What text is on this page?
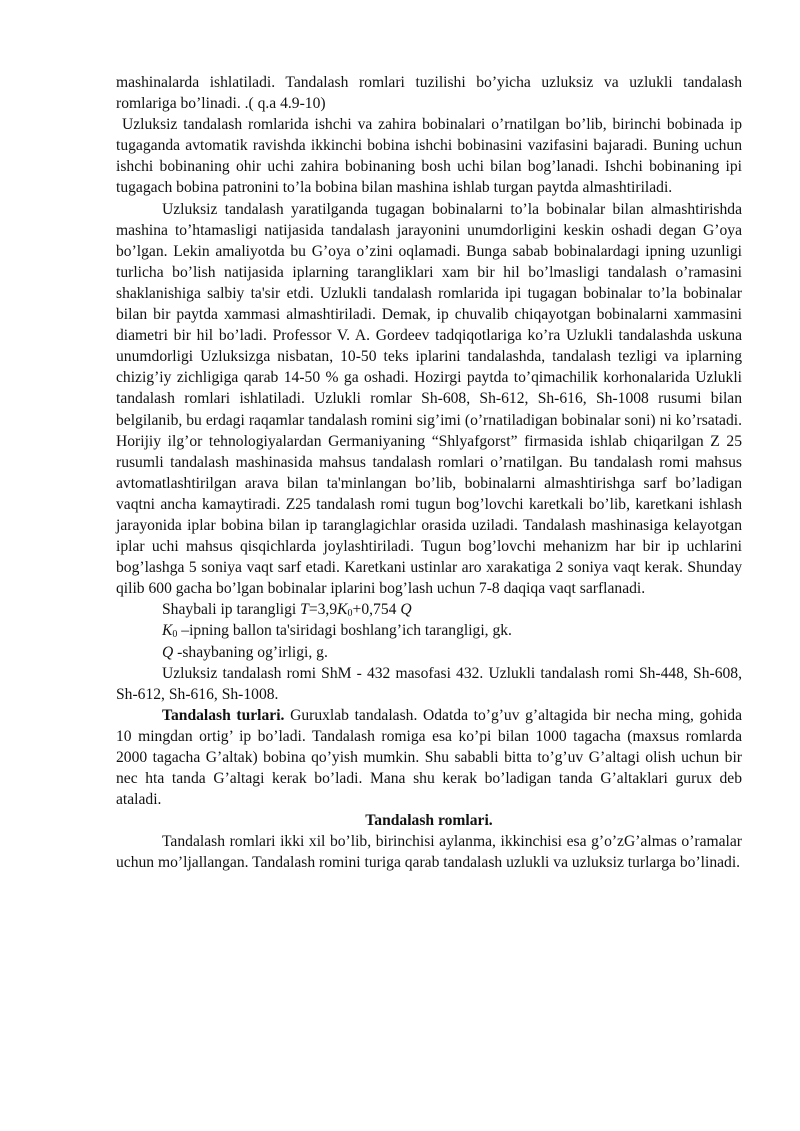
mashinalarda ishlatiladi. Tandalash romlari tuzilishi bo’yicha uzluksiz va uzlukli tandalash romlariga bo’linadi. .( q.a 4.9-10)

Uzluksiz tandalash romlarida ishchi va zahira bobinalari o’rnatilgan bo’lib, birinchi bobinada ip tugaganda avtomatik ravishda ikkinchi bobina ishchi bobinasini vazifasini bajaradi. Buning uchun ishchi bobinaning ohir uchi zahira bobinaning bosh uchi bilan bog’lanadi. Ishchi bobinaning ipi tugagach bobina patronini to’la bobina bilan mashina ishlab turgan paytda almashtiriladi.

Uzluksiz tandalash yaratilganda tugagan bobinalarni to’la bobinalar bilan almashtirishda mashina to’htamasligi natijasida tandalash jarayonini unumdorligini keskin oshadi degan G’oya bo’lgan. Lekin amaliyotda bu G’oya o’zini oqlamadi. Bunga sabab bobinalardagi ipning uzunligi turlicha bo’lish natijasida iplarning tarangliklari xam bir hil bo’lmasligi tandalash o’ramasini shaklanishiga salbiy ta'sir etdi. Uzlukli tandalash romlarida ipi tugagan bobinalar to’la bobinalar bilan bir paytda xammasi almashtiriladi. Demak, ip chuvalib chiqayotgan bobinalarni xammasini diametri bir hil bo’ladi. Professor V. A. Gordeev tadqiqotlariga ko’ra Uzlukli tandalashda uskuna unumdorligi Uzluksizga nisbatan, 10-50 teks iplarini tandalashda, tandalash tezligi va iplarning chizig’iy zichligiga qarab 14-50 % ga oshadi. Hozirgi paytda to’qimachilik korhonalarida Uzlukli tandalash romlari ishlatiladi. Uzlukli romlar Sh-608, Sh-612, Sh-616, Sh-1008 rusumi bilan belgilanib, bu erdagi raqamlar tandalash romini sig’imi (o’rnatiladigan bobinalar soni) ni ko’rsatadi. Horijiy ilg’or tehnologiyalardan Germaniyaning “Shlyafgorst” firmasida ishlab chiqarilgan Z 25 rusumli tandalash mashinasida mahsus tandalash romlari o’rnatilgan. Bu tandalash romi mahsus avtomatlashtirilgan arava bilan ta'minlangan bo’lib, bobinalarni almashtirishga sarf bo’ladigan vaqtni ancha kamaytiradi. Z25 tandalash romi tugun bog’lovchi karetkali bo’lib, karetkani ishlash jarayonida iplar bobina bilan ip taranglagichlar orasida uziladi. Tandalash mashinasiga kelayotgan iplar uchi mahsus qisqichlarda joylashtiriladi. Tugun bog’lovchi mehanizm har bir ip uchlarini bog’lashga 5 soniya vaqt sarf etadi. Karetkani ustinlar aro xarakatiga 2 soniya vaqt kerak. Shunday qilib 600 gacha bo’lgan bobinalar iplarini bog’lash uchun 7-8 daqiqa vaqt sarflanadi.

Shaybali ip tarangligi $T=3,9K_0+0,754$ Q

$K_0$ –ipning ballon ta'siridagi boshlang’ich tarangligi, gk.

Q -shaybaning og’irligi, g.

Uzluksiz tandalash romi ShM - 432 masofasi 432. Uzlukli tandalash romi Sh-448, Sh-608, Sh-612, Sh-616, Sh-1008.

Tandalash turlari. Guruxlab tandalash. Odatda to’g’uv g’altagida bir necha ming, gohida 10 mingdan ortig’ ip bo’ladi. Tandalash romiga esa ko’pi bilan 1000 tagacha (maxsus romlarda 2000 tagacha G’altak) bobina qo’yish mumkin. Shu sababli bitta to’g’uv G’altagi olish uchun bir nec hta tanda G’altagi kerak bo’ladi. Mana shu kerak bo’ladigan tanda G’altaklari gurux deb ataladi.

Tandalash romlari.

Tandalash romlari ikki xil bo’lib, birinchisi aylanma, ikkinchisi esa g’o’zG’almas o’ramalar uchun mo’ljallangan. Tandalash romini turiga qarab tandalash uzlukli va uzluksiz turlarga bo’linadi.
